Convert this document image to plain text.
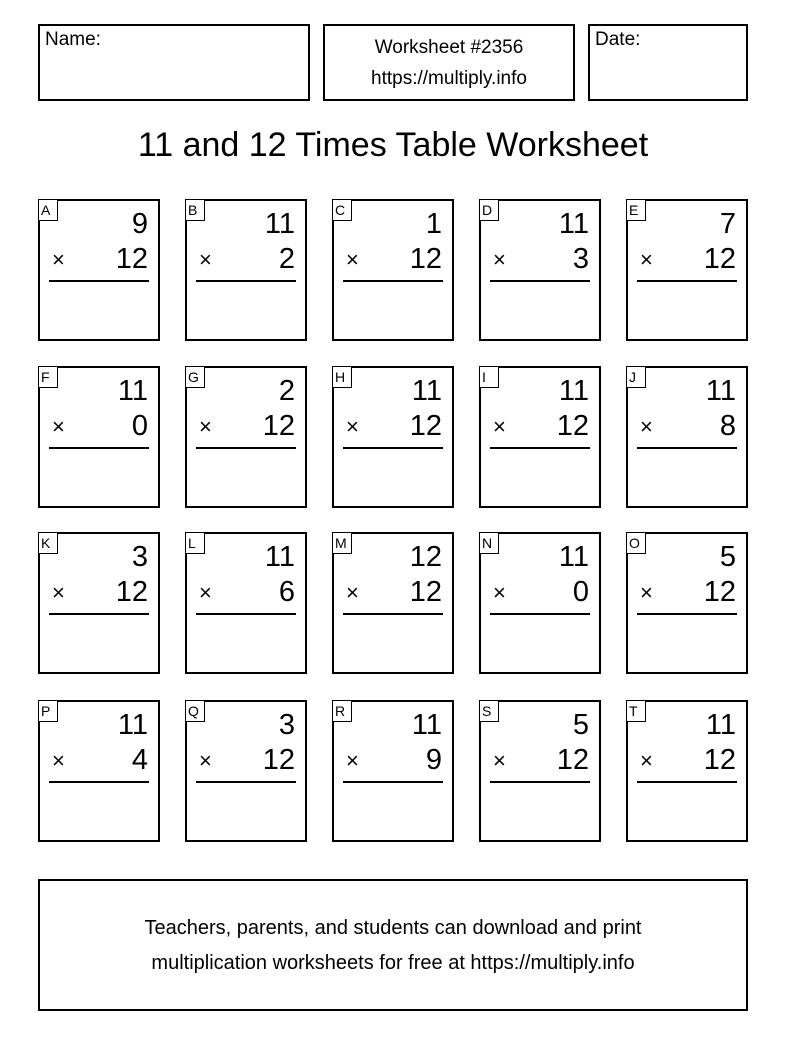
Name:	Worksheet #2356
https://multiply.info
Date:
11 and 12 Times Table Worksheet
A	9
× 12
B 11
× 2
C	1
× 12
D 11
× 3
E	7
× 12
F 11
× 0
G	2
× 12
H 11
× 12
I	11
× 12
J	11
× 8
K	3
× 12
L	11
× 6
M 12
× 12
N 11
× 0
O	5
× 12
P 11
× 4
Q	3
× 12
R 11
× 9
S	5
× 12
T 11
× 12
Teachers, parents, and students can download and print
multiplication worksheets for free at https://multiply.info
